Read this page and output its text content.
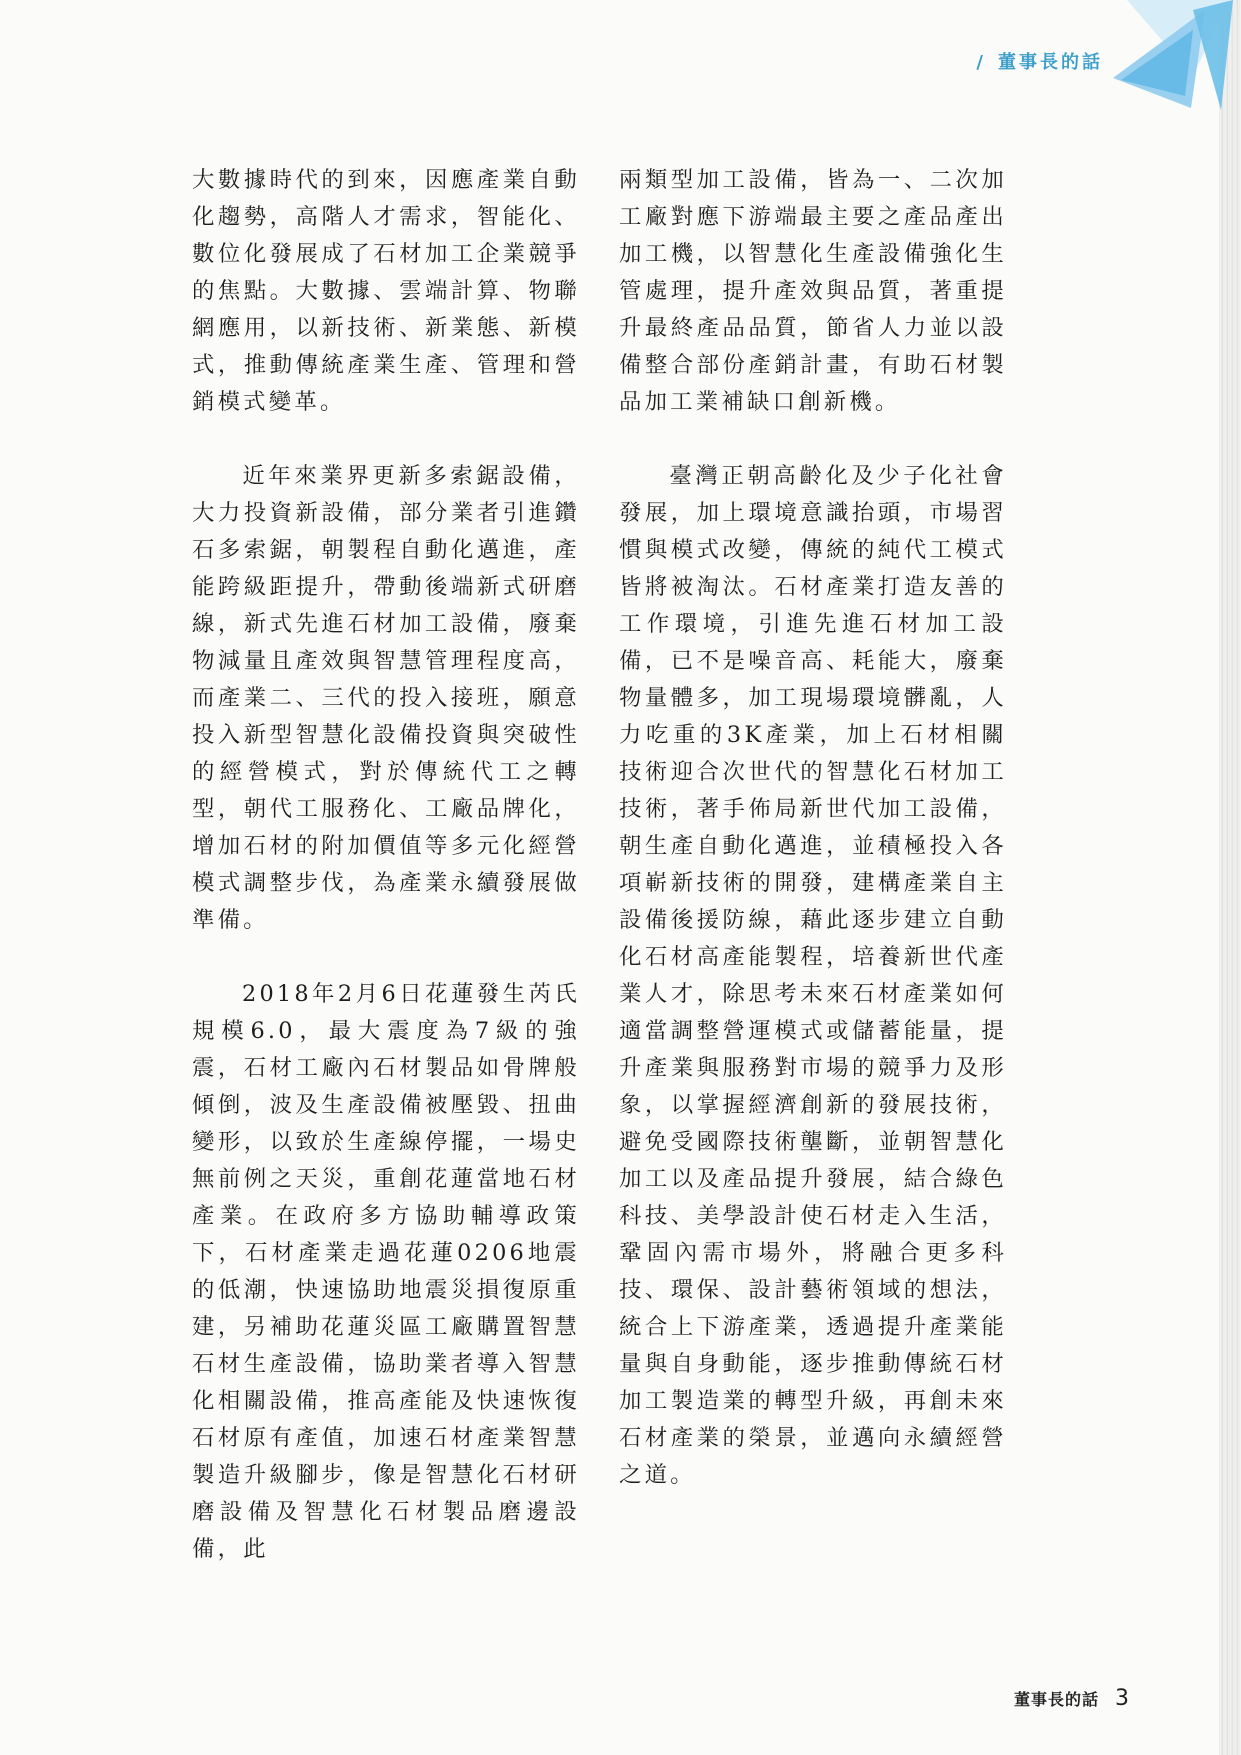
/ 董事長的話

大數據時代的到來，因應產業自動化趨勢，高階人才需求，智能化、數位化發展成了石材加工企業競爭的焦點。大數據、雲端計算、物聯網應用，以新技術、新業態、新模式，推動傳統產業生產、管理和營銷模式變革。

近年來業界更新多索鋸設備，大力投資新設備，部分業者引進鑽石多索鋸，朝製程自動化邁進，產能跨級距提升，帶動後端新式研磨線，新式先進石材加工設備，廢棄物減量且產效與智慧管理程度高，而產業二、三代的投入接班，願意投入新型智慧化設備投資與突破性的經營模式，對於傳統代工之轉型，朝代工服務化、工廠品牌化，增加石材的附加價值等多元化經營模式調整步伐，為產業永續發展做準備。

2018年2月6日花蓮發生芮氏規模6.0，最大震度為7級的強震，石材工廠內石材製品如骨牌般傾倒，波及生產設備被壓毀、扭曲變形，以致於生產線停擺，一場史無前例之天災，重創花蓮當地石材產業。在政府多方協助輔導政策下，石材產業走過花蓮0206地震的低潮，快速協助地震災損復原重建，另補助花蓮災區工廠購置智慧石材生產設備，協助業者導入智慧化相關設備，推高產能及快速恢復石材原有產值，加速石材產業智慧製造升級腳步，像是智慧化石材研磨設備及智慧化石材製品磨邊設備，此

兩類型加工設備，皆為一、二次加工廠對應下游端最主要之產品產出加工機，以智慧化生產設備強化生管處理，提升產效與品質，著重提升最終產品品質，節省人力並以設備整合部份產銷計畫，有助石材製品加工業補缺口創新機。

臺灣正朝高齡化及少子化社會發展，加上環境意識抬頭，市場習慣與模式改變，傳統的純代工模式皆將被淘汰。石材產業打造友善的工作環境，引進先進石材加工設備，已不是噪音高、耗能大，廢棄物量體多，加工現場環境髒亂，人力吃重的3K產業，加上石材相關技術迎合次世代的智慧化石材加工技術，著手佈局新世代加工設備，朝生產自動化邁進，並積極投入各項嶄新技術的開發，建構產業自主設備後援防線，藉此逐步建立自動化石材高產能製程，培養新世代產業人才，除思考未來石材產業如何適當調整營運模式或儲蓄能量，提升產業與服務對市場的競爭力及形象，以掌握經濟創新的發展技術，避免受國際技術壟斷，並朝智慧化加工以及產品提升發展，結合綠色科技、美學設計使石材走入生活，鞏固內需市場外，將融合更多科技、環保、設計藝術領域的想法，統合上下游產業，透過提升產業能量與自身動能，逐步推動傳統石材加工製造業的轉型升級，再創未來石材產業的榮景，並邁向永續經營之道。

董事長的話 3
